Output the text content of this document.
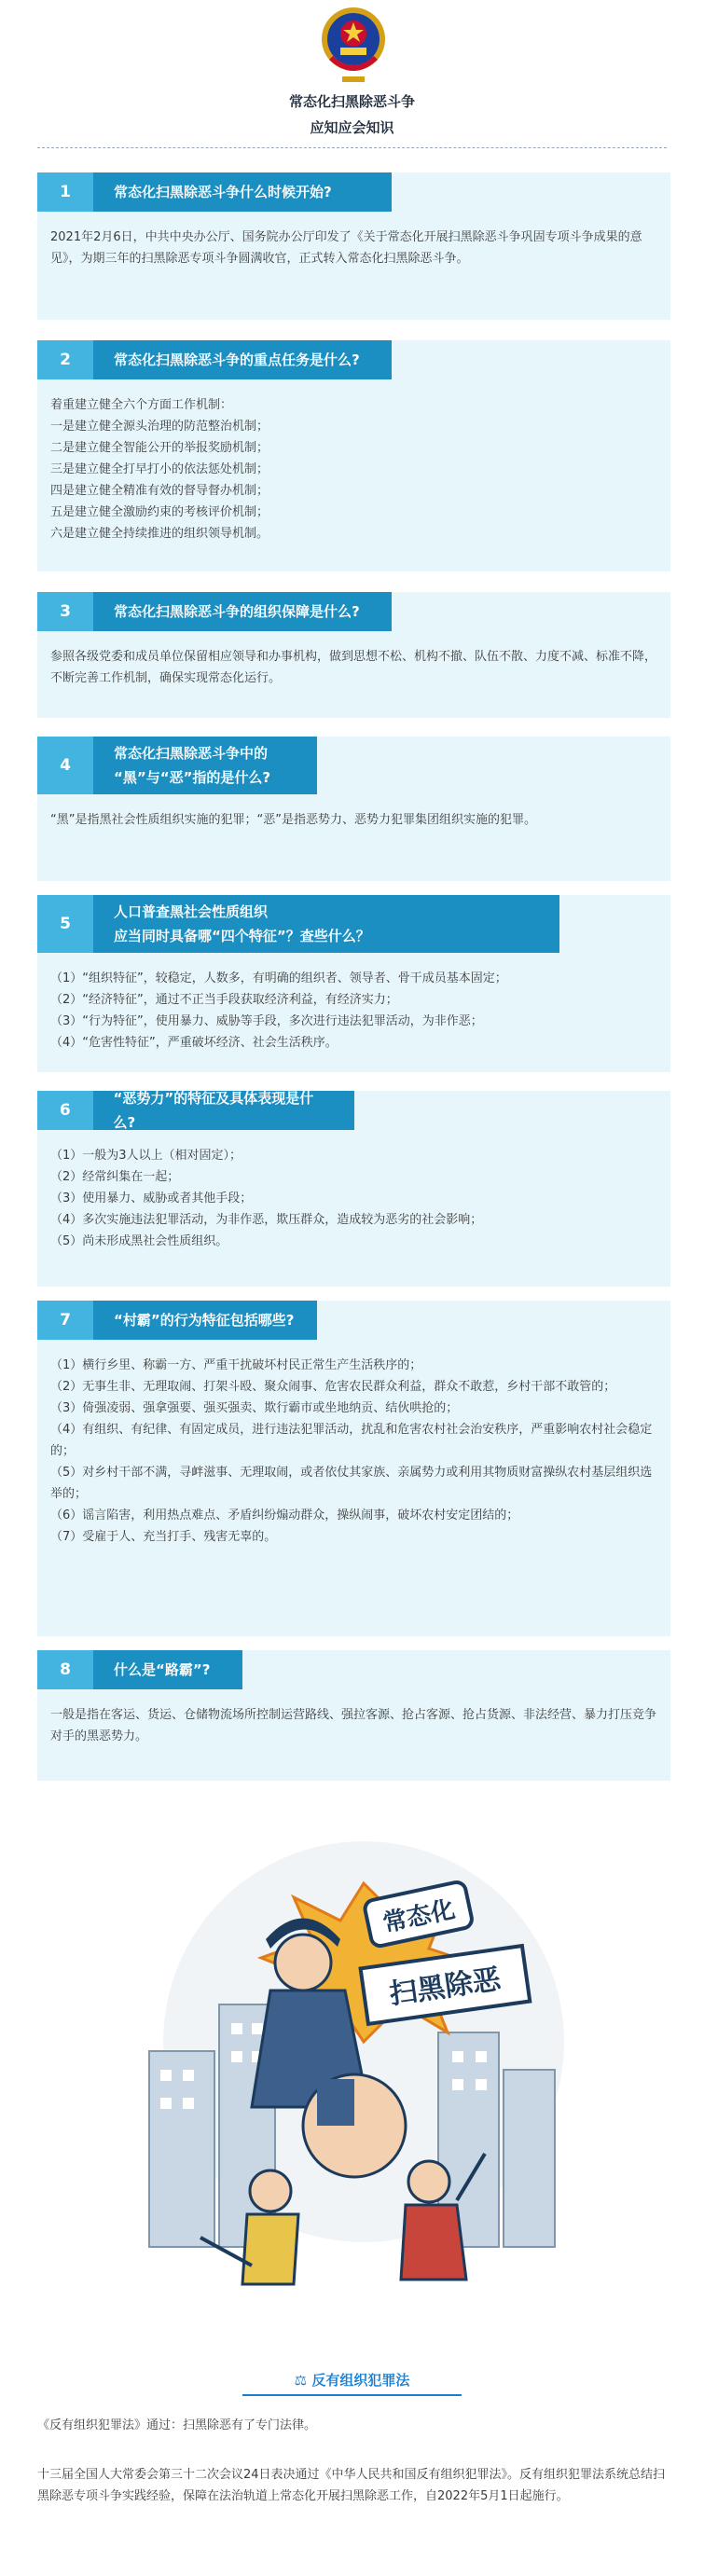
常态化扫黑除恶斗争
应知应会知识
1	常态化扫黑除恶斗争什么时候开始?

2021年2月6日，中共中央办公厅、国务院办公厅印发了《关于常态化开展扫黑除恶斗争巩固专项斗争成果的意见》，为期三年的扫黑除恶专项斗争圆满收官，正式转入常态化扫黑除恶斗争。

2	常态化扫黑除恶斗争的重点任务是什么?

着重建立健全六个方面工作机制：

一是建立健全源头治理的防范整治机制；

二是建立健全智能公开的举报奖励机制；

三是建立健全打早打小的依法惩处机制；

四是建立健全精准有效的督导督办机制；

五是建立健全激励约束的考核评价机制；

六是建立健全持续推进的组织领导机制。

3	常态化扫黑除恶斗争的组织保障是什么?

参照各级党委和成员单位保留相应领导和办事机构，做到思想不松、机构不撤、队伍不散、力度不减、标准不降，不断完善工作机制，确保实现常态化运行。

4
常态化扫黑除恶斗争中的
“黑”与“恶”指的是什么?

“黑”是指黑社会性质组织实施的犯罪；“恶”是指恶势力、恶势力犯罪集团组织实施的犯罪。

5
人口普查黑社会性质组织
应当同时具备哪“四个特征”？查些什么？

（1）“组织特征”，较稳定，人数多，有明确的组织者、领导者、骨干成员基本固定；

（2）“经济特征”，通过不正当手段获取经济利益，有经济实力；

（3）“行为特征”，使用暴力、威胁等手段，多次进行违法犯罪活动，为非作恶；

（4）“危害性特征”，严重破坏经济、社会生活秩序。

6
“恶势力”的特征及具体表现是什么?

（1）一般为3人以上（相对固定）；

（2）经常纠集在一起；

（3）使用暴力、威胁或者其他手段；

（4）多次实施违法犯罪活动，为非作恶，欺压群众，造成较为恶劣的社会影响；

（5）尚未形成黑社会性质组织。

7	“村霸”的行为特征包括哪些?

（1）横行乡里、称霸一方、严重干扰破坏村民正常生产生活秩序的；

（2）无事生非、无理取闹、打架斗殴、聚众闹事、危害农民群众利益，群众不敢惹，乡村干部不敢管的；

（3）倚强凌弱、强拿强要、强买强卖、欺行霸市或坐地纳贡、结伙哄抢的；

（4）有组织、有纪律、有固定成员，进行违法犯罪活动，扰乱和危害农村社会治安秩序，严重影响农村社会稳定的；

（5）对乡村干部不满，寻衅滋事、无理取闹，或者依仗其家族、亲属势力或利用其物质财富操纵农村基层组织选举的；

（6）谣言陷害，利用热点难点、矛盾纠纷煽动群众，操纵闹事，破坏农村安定团结的；

（7）受雇于人、充当打手、残害无辜的。

8	什么是“路霸”?

一般是指在客运、货运、仓储物流场所控制运营路线、强拉客源、抢占客源、抢占货源、非法经营、暴力打压竞争对手的黑恶势力。

常态化
扫黑除恶
⚖ 反有组织犯罪法
《反有组织犯罪法》通过：扫黑除恶有了专门法律。
十三届全国人大常委会第三十二次会议24日表决通过《中华人民共和国反有组织犯罪法》。反有组织犯罪法系统总结扫黑除恶专项斗争实践经验，保障在法治轨道上常态化开展扫黑除恶工作，自2022年5月1日起施行。
